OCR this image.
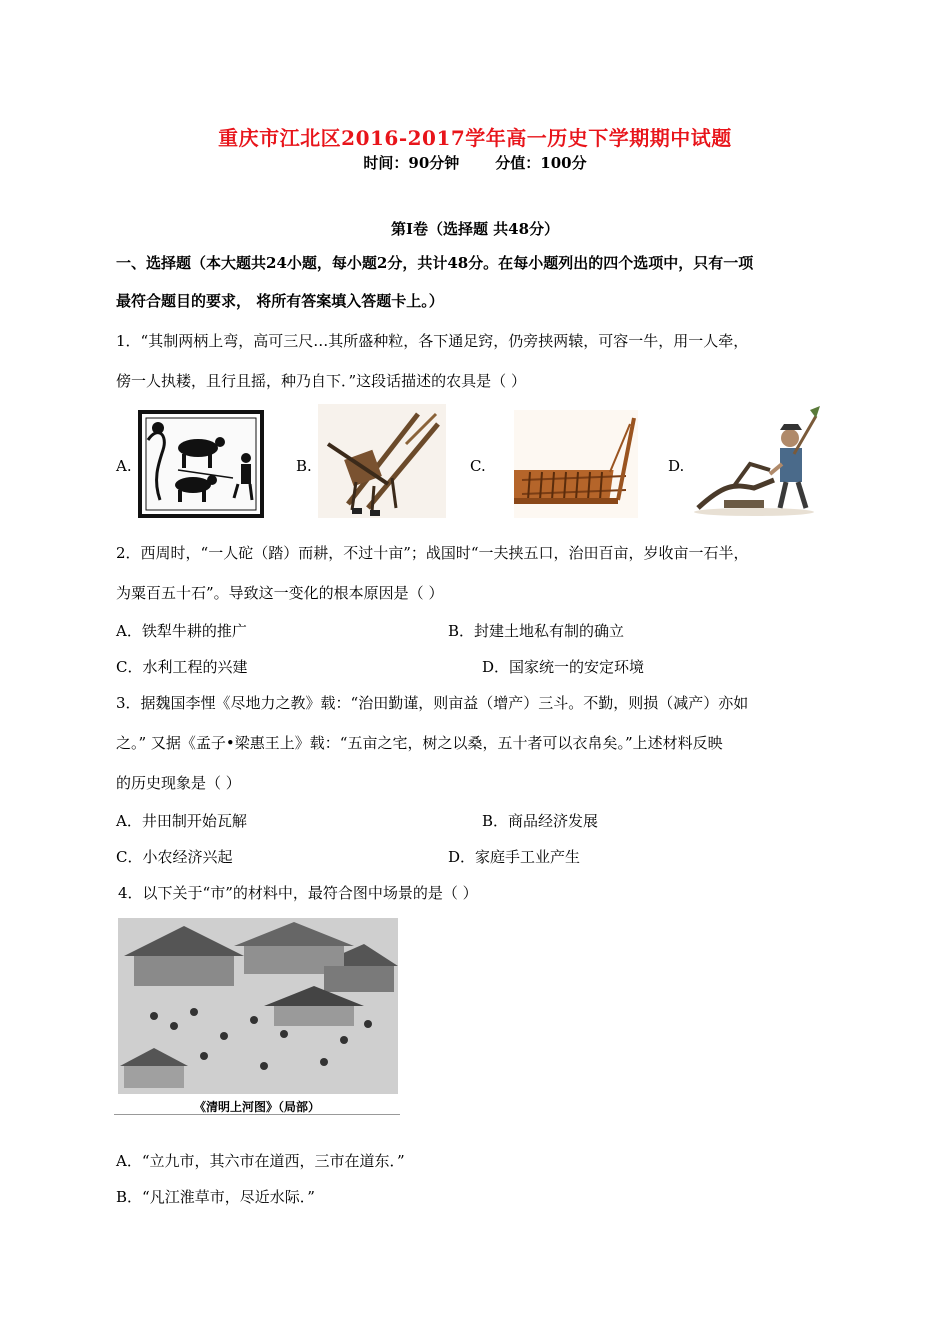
重庆市江北区2016-2017学年高一历史下学期期中试题
时间：90分钟 分值：100分
第Ⅰ卷（选择题 共48分）
一、选择题（本大题共24小题，每小题2分，共计48分。在每小题列出的四个选项中，只有一项
最符合题目的要求， 将所有答案填入答题卡上。）
1．“其制两柄上弯，高可三尺…其所盛种粒，各下通足窍，仍旁挟两辕，可容一牛，用一人牵，
傍一人执耧，且行且摇，种乃自下．”这段话描述的农具是（ ）
A.	B.	C.	D.
2．西周时，“一人砣（踏）而耕，不过十亩”；战国时“一夫挟五口，治田百亩，岁收亩一石半，
为粟百五十石”。导致这一变化的根本原因是（ ）
A．铁犁牛耕的推广	B．封建土地私有制的确立
C．水利工程的兴建	D．国家统一的安定环境
3．据魏国李悝《尽地力之教》载：“治田勤谨，则亩益（增产）三斗。不勤，则损（减产）亦如
之。” 又据《孟子•梁惠王上》载：“五亩之宅，树之以桑，五十者可以衣帛矣。”上述材料反映
的历史现象是（ ）
A．井田制开始瓦解	B．商品经济发展
C．小农经济兴起	D．家庭手工业产生
4．以下关于“市”的材料中，最符合图中场景的是（ ）
《清明上河图》（局部）
A．“立九市，其六市在道西，三市在道东．”
B．“凡江淮草市，尽近水际．”
